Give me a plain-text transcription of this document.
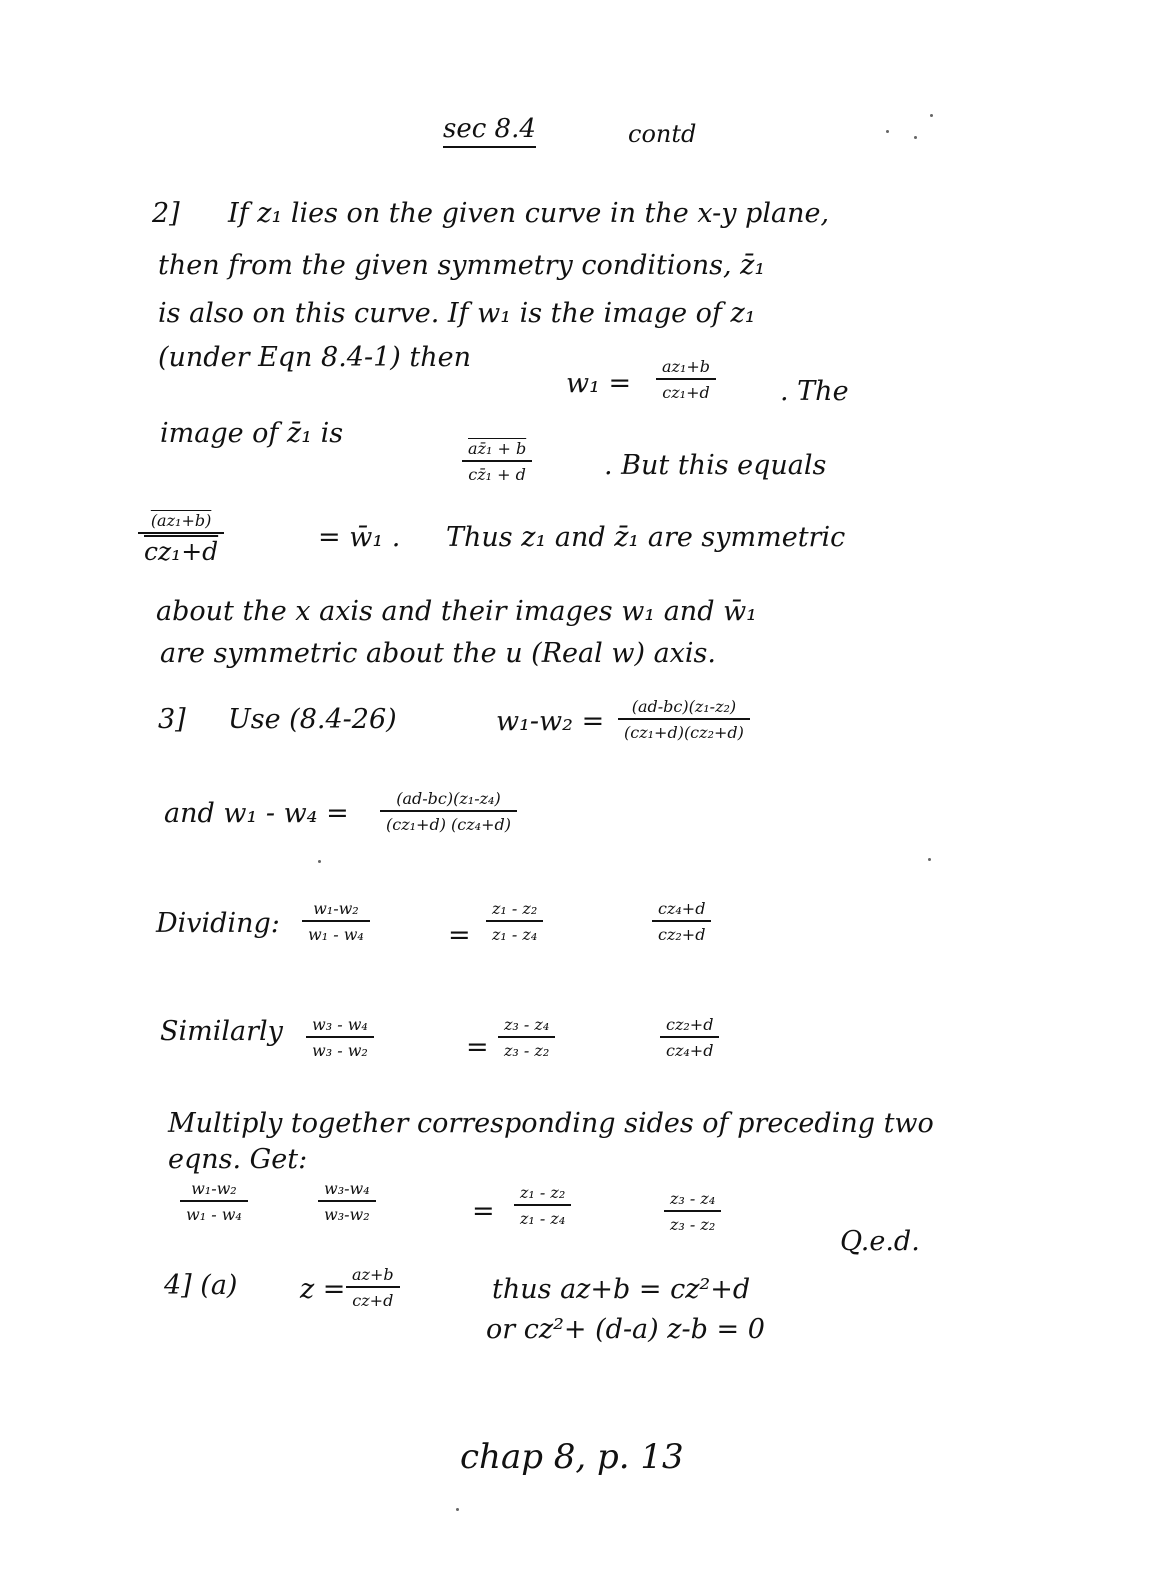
sec 8.4	contd
2] If z₁ lies on the given curve in the x-y plane,
then from the given symmetry conditions, z̄₁
is also on this curve. If w₁ is the image of z₁
(under Eqn 8.4-1) then
$w_1 = \frac{\text{az₁+b}}{\text{cz₁+d}}$ . The
image of z̄₁ is
$\frac{\text{az̄₁ + b}}{\text{cz̄₁ + d}}$	. But this equals
$\frac{\text{(az₁+b)}}{\text{cz₁+d}}$	= w̄₁ . Thus z₁ and z̄₁ are symmetric
about the x axis and their images w₁ and w̄₁
are symmetric about the u (Real w) axis.
3] Use (8.4-26)	$w_1-w_2 = \frac{\text{(ad-bc)(z₁-z₂)}}{\text{(cz₁+d)(cz₂+d)}}$
and $w_1 - w_4 = \frac{\text{(ad-bc)(z₁-z₄)}}{\text{(cz₁+d) (cz₄+d)}}$
Dividing: $\frac{\text{w₁-w₂}}{\text{w₁ - w₄}}$	= $\frac{\text{z₁ - z₂}}{\text{z₁ - z₄}}$	$\frac{\text{cz₄+d}}{\text{cz₂+d}}$
Similarly $\frac{\text{w₃ - w₄}}{\text{w₃ - w₂}}$	= $\frac{\text{z₃ - z₄}}{\text{z₃ - z₂}}$	$\frac{\text{cz₂+d}}{\text{cz₄+d}}$
Multiply together corresponding sides of preceding two
eqns. Get:
$\frac{\text{w₁-w₂}}{\text{w₁ - w₄}}$	$\frac{\text{w₃-w₄}}{\text{w₃-w₂}}$	= $\frac{\text{z₁ - z₂}}{\text{z₁ - z₄}}$	$\frac{\text{z₃ - z₄}}{\text{z₃ - z₂}}$
Q.e.d.
4] (a) $z = \frac{az+b}{cz+d}$	thus az+b = cz²+d
or cz²+ (d-a) z-b = 0
chap 8, p. 13
